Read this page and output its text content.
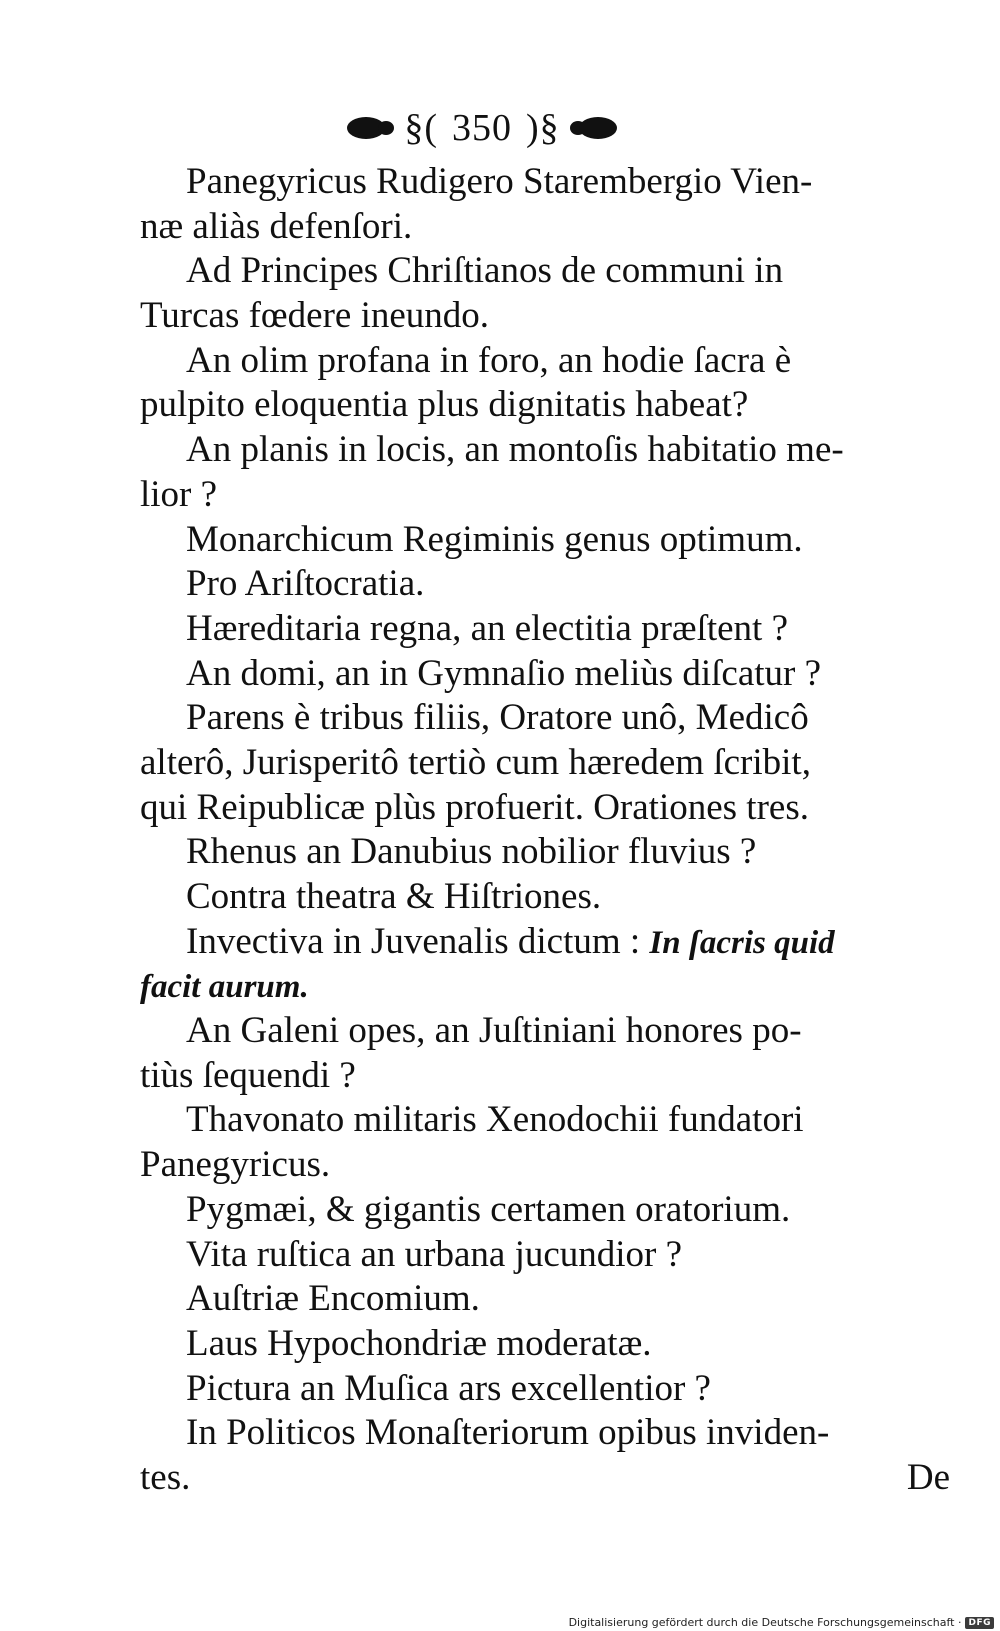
§( 350 )§
Panegyricus Rudigero Starembergio Vien-
næ aliàs defenſori.
Ad Principes Chriſtianos de communi in
Turcas fœdere ineundo.
An olim profana in foro, an hodie ſacra è
pulpito eloquentia plus dignitatis habeat?
An planis in locis, an montoſis habitatio me-
lior ?
Monarchicum Regiminis genus optimum.
Pro Ariſtocratia.
Hæreditaria regna, an electitia præſtent ?
An domi, an in Gymnaſio meliùs diſcatur ?
Parens è tribus filiis, Oratore unô, Medicô
alterô, Jurisperitô tertiò cum hæredem ſcribit,
qui Reipublicæ plùs profuerit. Orationes tres.
Rhenus an Danubius nobilior fluvius ?
Contra theatra & Hiſtriones.
Invectiva in Juvenalis dictum : In ſacris quid
facit aurum.
An Galeni opes, an Juſtiniani honores po-
tiùs ſequendi ?
Thavonato militaris Xenodochii fundatori
Panegyricus.
Pygmæi, & gigantis certamen oratorium.
Vita ruſtica an urbana jucundior ?
Auſtriæ Encomium.
Laus Hypochondriæ moderatæ.
Pictura an Muſica ars excellentior ?
In Politicos Monaſteriorum opibus inviden-
tes.	De
Digitalisierung gefördert durch die Deutsche Forschungsgemeinschaft · DFG
